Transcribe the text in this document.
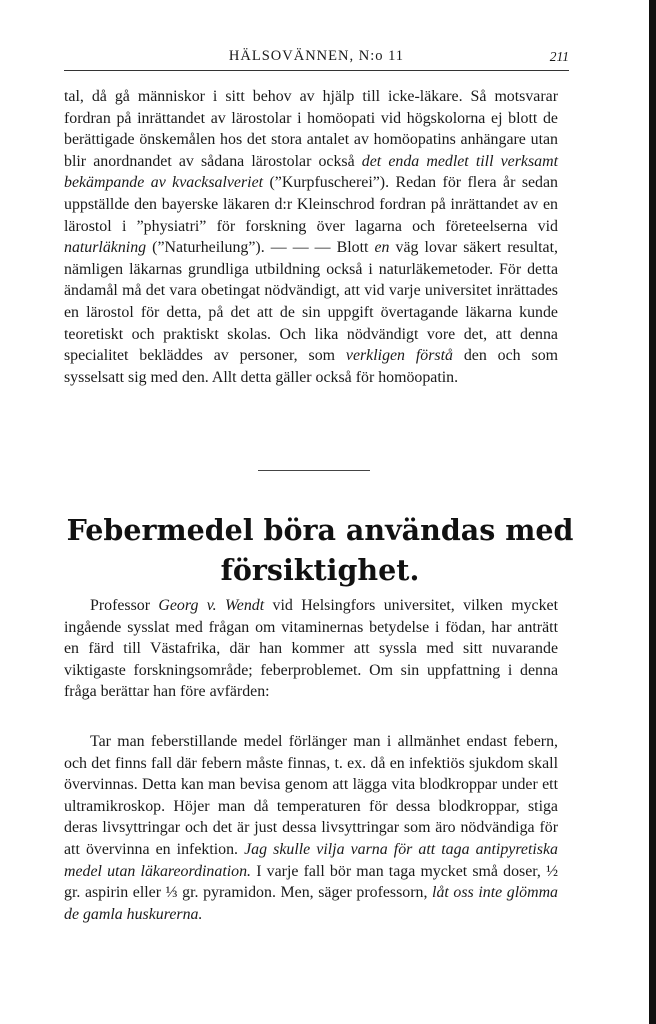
HÄLSOVÄNNEN, N:o 11	211

tal, då gå människor i sitt behov av hjälp till icke-läkare. Så motsvarar fordran på inrättandet av lärostolar i homöopati vid högskolorna ej blott de berättigade önskemålen hos det stora antalet av homöopatins anhängare utan blir anordnandet av sådana lärostolar också det enda medlet till verksamt bekämpande av kvacksalveriet (”Kurpfuscherei”). Redan för flera år sedan uppställde den bayerske läkaren d:r Kleinschrod fordran på inrättandet av en lärostol i ”physiatri” för forskning över lagarna och företeelserna vid naturläkning (”Naturheilung”). — — — Blott en väg lovar säkert resultat, nämligen läkarnas grundliga utbildning också i naturläkemetoder. För detta ändamål må det vara obetingat nödvändigt, att vid varje universitet inrättades en lärostol för detta, på det att de sin uppgift övertagande läkarna kunde teoretiskt och praktiskt skolas. Och lika nödvändigt vore det, att denna specialitet bekläddes av personer, som verkligen förstå den och som sysselsatt sig med den. Allt detta gäller också för homöopatin.

Febermedel böra användas med
försiktighet.

Professor Georg v. Wendt vid Helsingfors universitet, vilken mycket ingående sysslat med frågan om vitaminernas betydelse i födan, har anträtt en färd till Västafrika, där han kommer att syssla med sitt nuvarande viktigaste forskningsområde; feberproblemet. Om sin uppfattning i denna fråga berättar han före avfärden:

Tar man feberstillande medel förlänger man i allmänhet endast febern, och det finns fall där febern måste finnas, t. ex. då en infektiös sjukdom skall övervinnas. Detta kan man bevisa genom att lägga vita blodkroppar under ett ultramikroskop. Höjer man då temperaturen för dessa blodkroppar, stiga deras livsyttringar och det är just dessa livsyttringar som äro nödvändiga för att övervinna en infektion. Jag skulle vilja varna för att taga antipyretiska medel utan läkareordination. I varje fall bör man taga mycket små doser, ½ gr. aspirin eller ⅓ gr. pyramidon. Men, säger professorn, låt oss inte glömma de gamla huskurerna.
